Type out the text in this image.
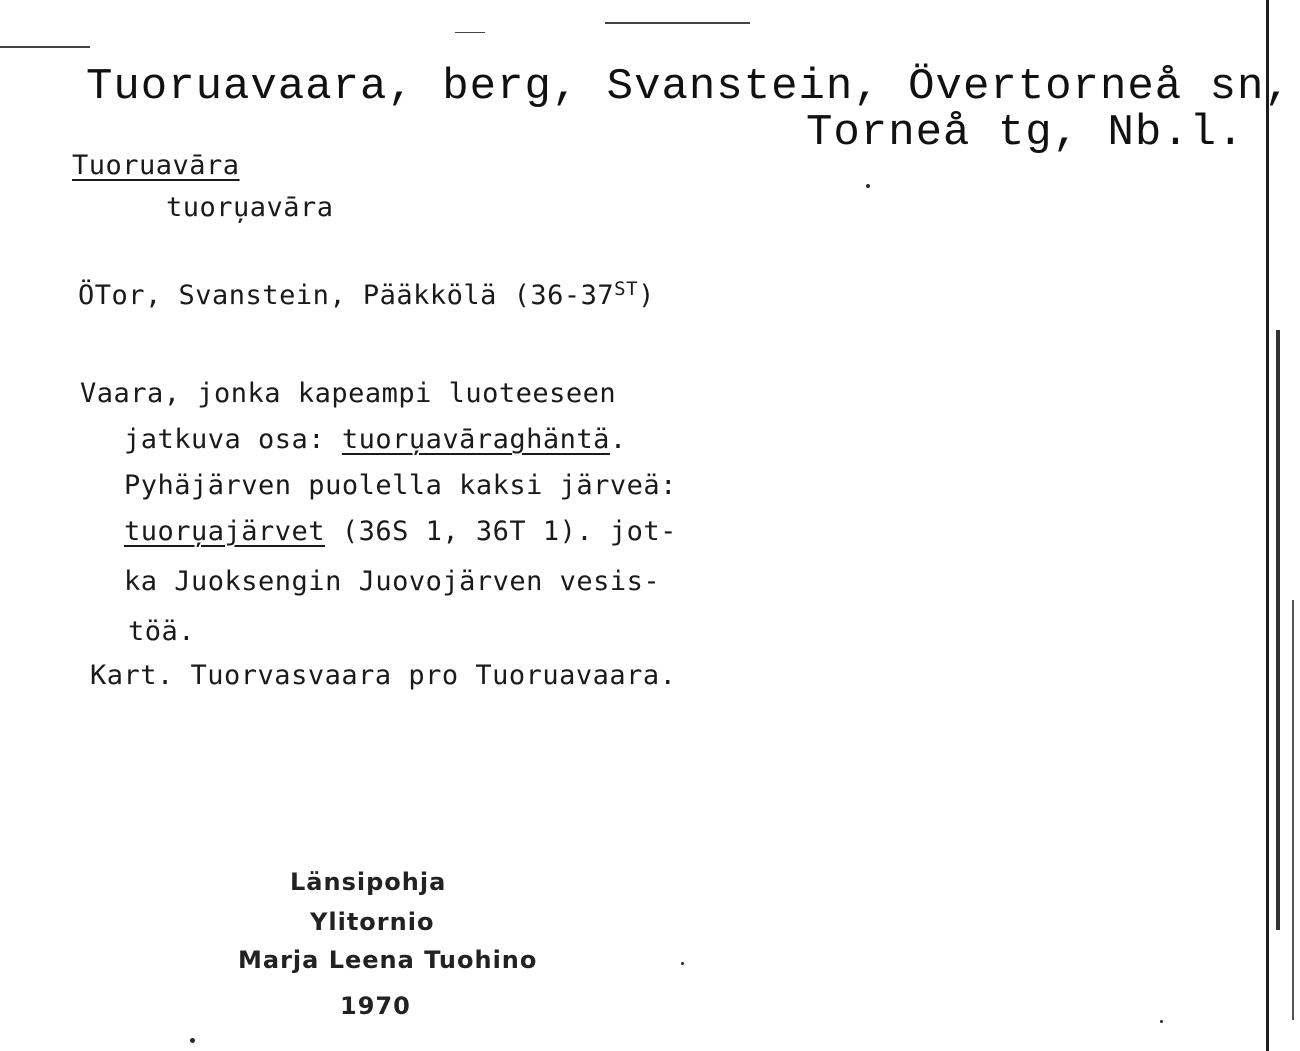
Tuoruavaara, berg, Svanstein, Övertorneå sn,
Torneå tg, Nb.l.
Tuoruavāra
tuoru̦avāra
ÖTor, Svanstein, Pääkkölä (36-37ST)
Vaara, jonka kapeampi luoteeseen
jatkuva osa: tuoru̦avāraghäntä.
Pyhäjärven puolella kaksi järveä:
tuoru̦ajärvet (36S 1, 36T 1). jot-
ka Juoksengin Juovojärven vesis-
töä.
Kart. Tuorvasvaara pro Tuoruavaara.
Länsipohja
Ylitornio
Marja Leena Tuohino
1970
